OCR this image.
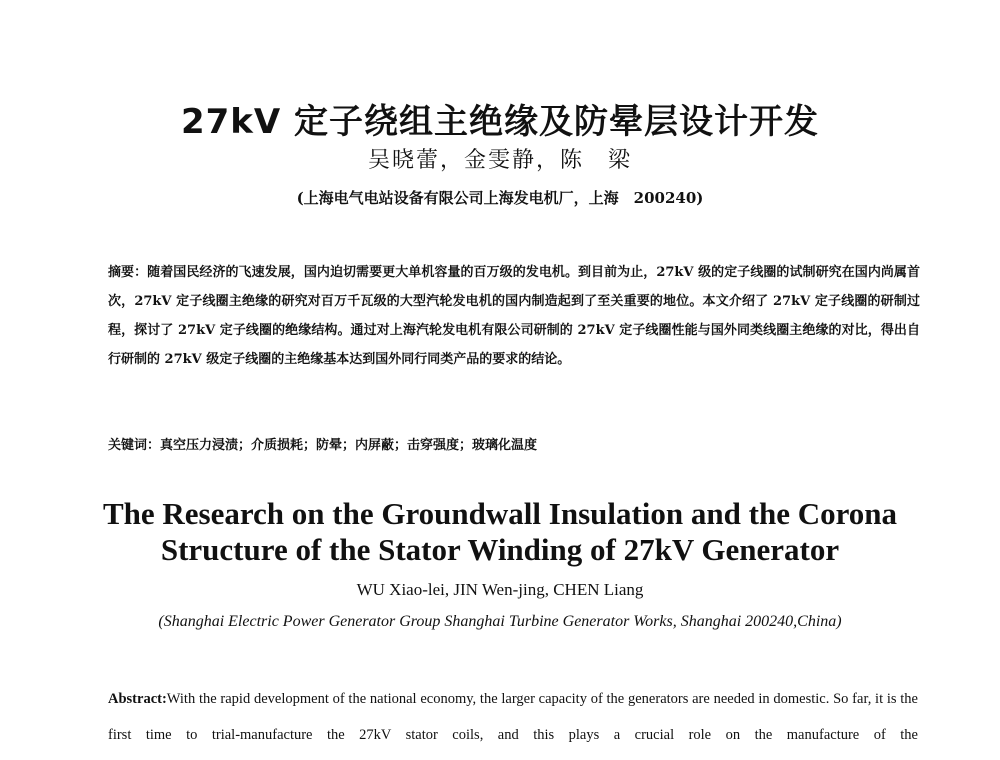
27kV 定子绕组主绝缘及防晕层设计开发
吴晓蕾，金雯静，陈　梁
(上海电气电站设备有限公司上海发电机厂，上海　200240)
摘要：随着国民经济的飞速发展，国内迫切需要更大单机容量的百万级的发电机。到目前为止，27kV 级的定子线圈的试制研究在国内尚属首次，27kV 定子线圈主绝缘的研究对百万千瓦级的大型汽轮发电机的国内制造起到了至关重要的地位。本文介绍了 27kV 定子线圈的研制过程，探讨了 27kV 定子线圈的绝缘结构。通过对上海汽轮发电机有限公司研制的 27kV 定子线圈性能与国外同类线圈主绝缘的对比，得出自行研制的 27kV 级定子线圈的主绝缘基本达到国外同行同类产品的要求的结论。
关键词：真空压力浸渍；介质损耗；防晕；内屏蔽；击穿强度；玻璃化温度
The Research on the Groundwall Insulation and the Corona Structure of the Stator Winding of 27kV Generator
WU Xiao-lei, JIN Wen-jing, CHEN Liang
(Shanghai Electric Power Generator Group Shanghai Turbine Generator Works, Shanghai 200240,China)
Abstract:With the rapid development of the national economy, the larger capacity of the generators are needed in domestic. So far, it is the first time to trial-manufacture the 27kV stator coils, and this plays a crucial role on the manufacture of the
